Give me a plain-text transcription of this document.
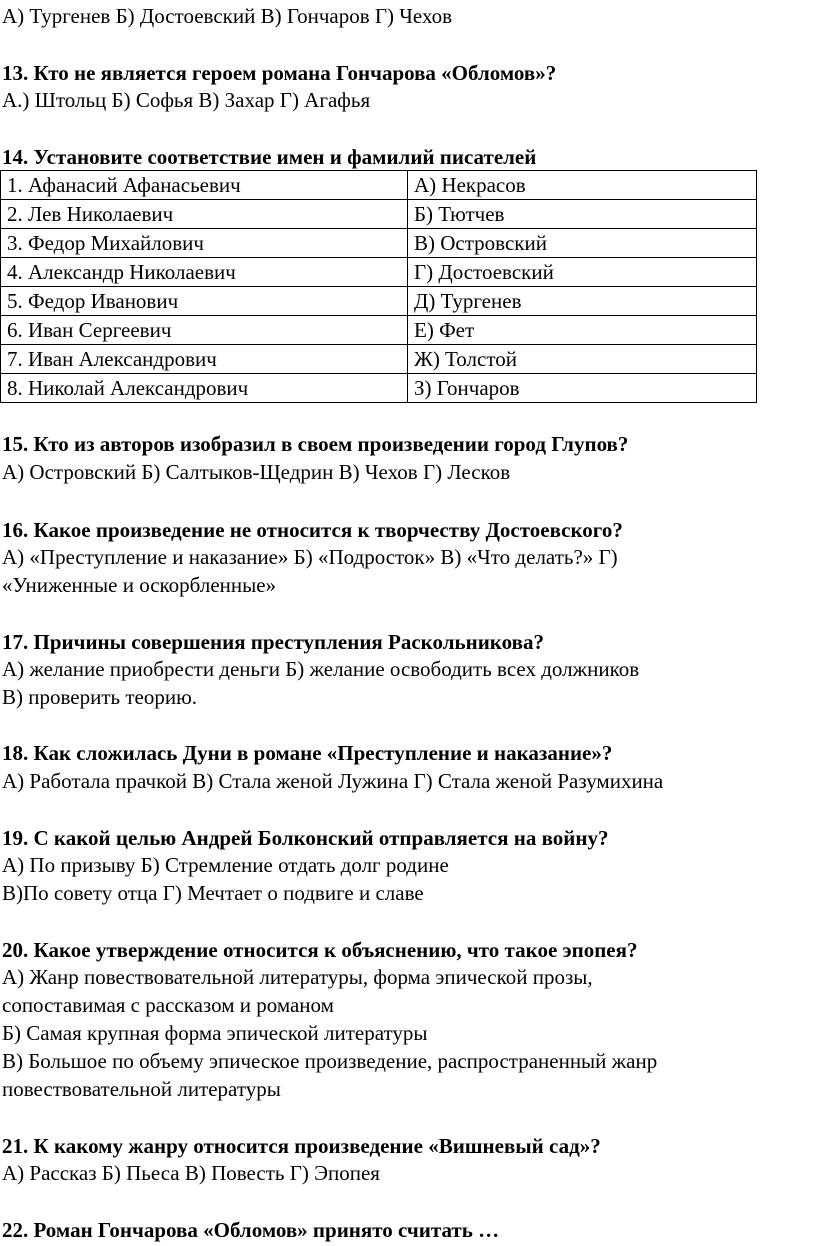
А) Тургенев Б) Достоевский В) Гончаров Г) Чехов
13. Кто не является героем романа Гончарова «Обломов»?
А.) Штольц Б) Софья В) Захар Г) Агафья
14. Установите соответствие имен и фамилий писателей
1. Афанасий Афанасьевич	А) Некрасов
2. Лев Николаевич	Б) Тютчев
3. Федор Михайлович	В) Островский
4. Александр Николаевич	Г) Достоевский
5. Федор Иванович	Д) Тургенев
6. Иван Сергеевич	Е) Фет
7. Иван Александрович	Ж) Толстой
8. Николай Александрович	З) Гончаров
15. Кто из авторов изобразил в своем произведении город Глупов?
А) Островский Б) Салтыков-Щедрин В) Чехов Г) Лесков
16. Какое произведение не относится к творчеству Достоевского?
А) «Преступление и наказание» Б) «Подросток» В) «Что делать?» Г)
«Униженные и оскорбленные»
17. Причины совершения преступления Раскольникова?
А) желание приобрести деньги Б) желание освободить всех должников
В) проверить теорию.
18. Как сложилась Дуни в романе «Преступление и наказание»?
А) Работала прачкой В) Стала женой Лужина Г) Стала женой Разумихина
19. С какой целью Андрей Болконский отправляется на войну?
А) По призыву Б) Стремление отдать долг родине
В)По совету отца Г) Мечтает о подвиге и славе
20. Какое утверждение относится к объяснению, что такое эпопея?
А) Жанр повествовательной литературы, форма эпической прозы,
сопоставимая с рассказом и романом
Б) Самая крупная форма эпической литературы
В) Большое по объему эпическое произведение, распространенный жанр
повествовательной литературы
21. К какому жанру относится произведение «Вишневый сад»?
А) Рассказ Б) Пьеса В) Повесть Г) Эпопея
22. Роман Гончарова «Обломов» принято считать …
